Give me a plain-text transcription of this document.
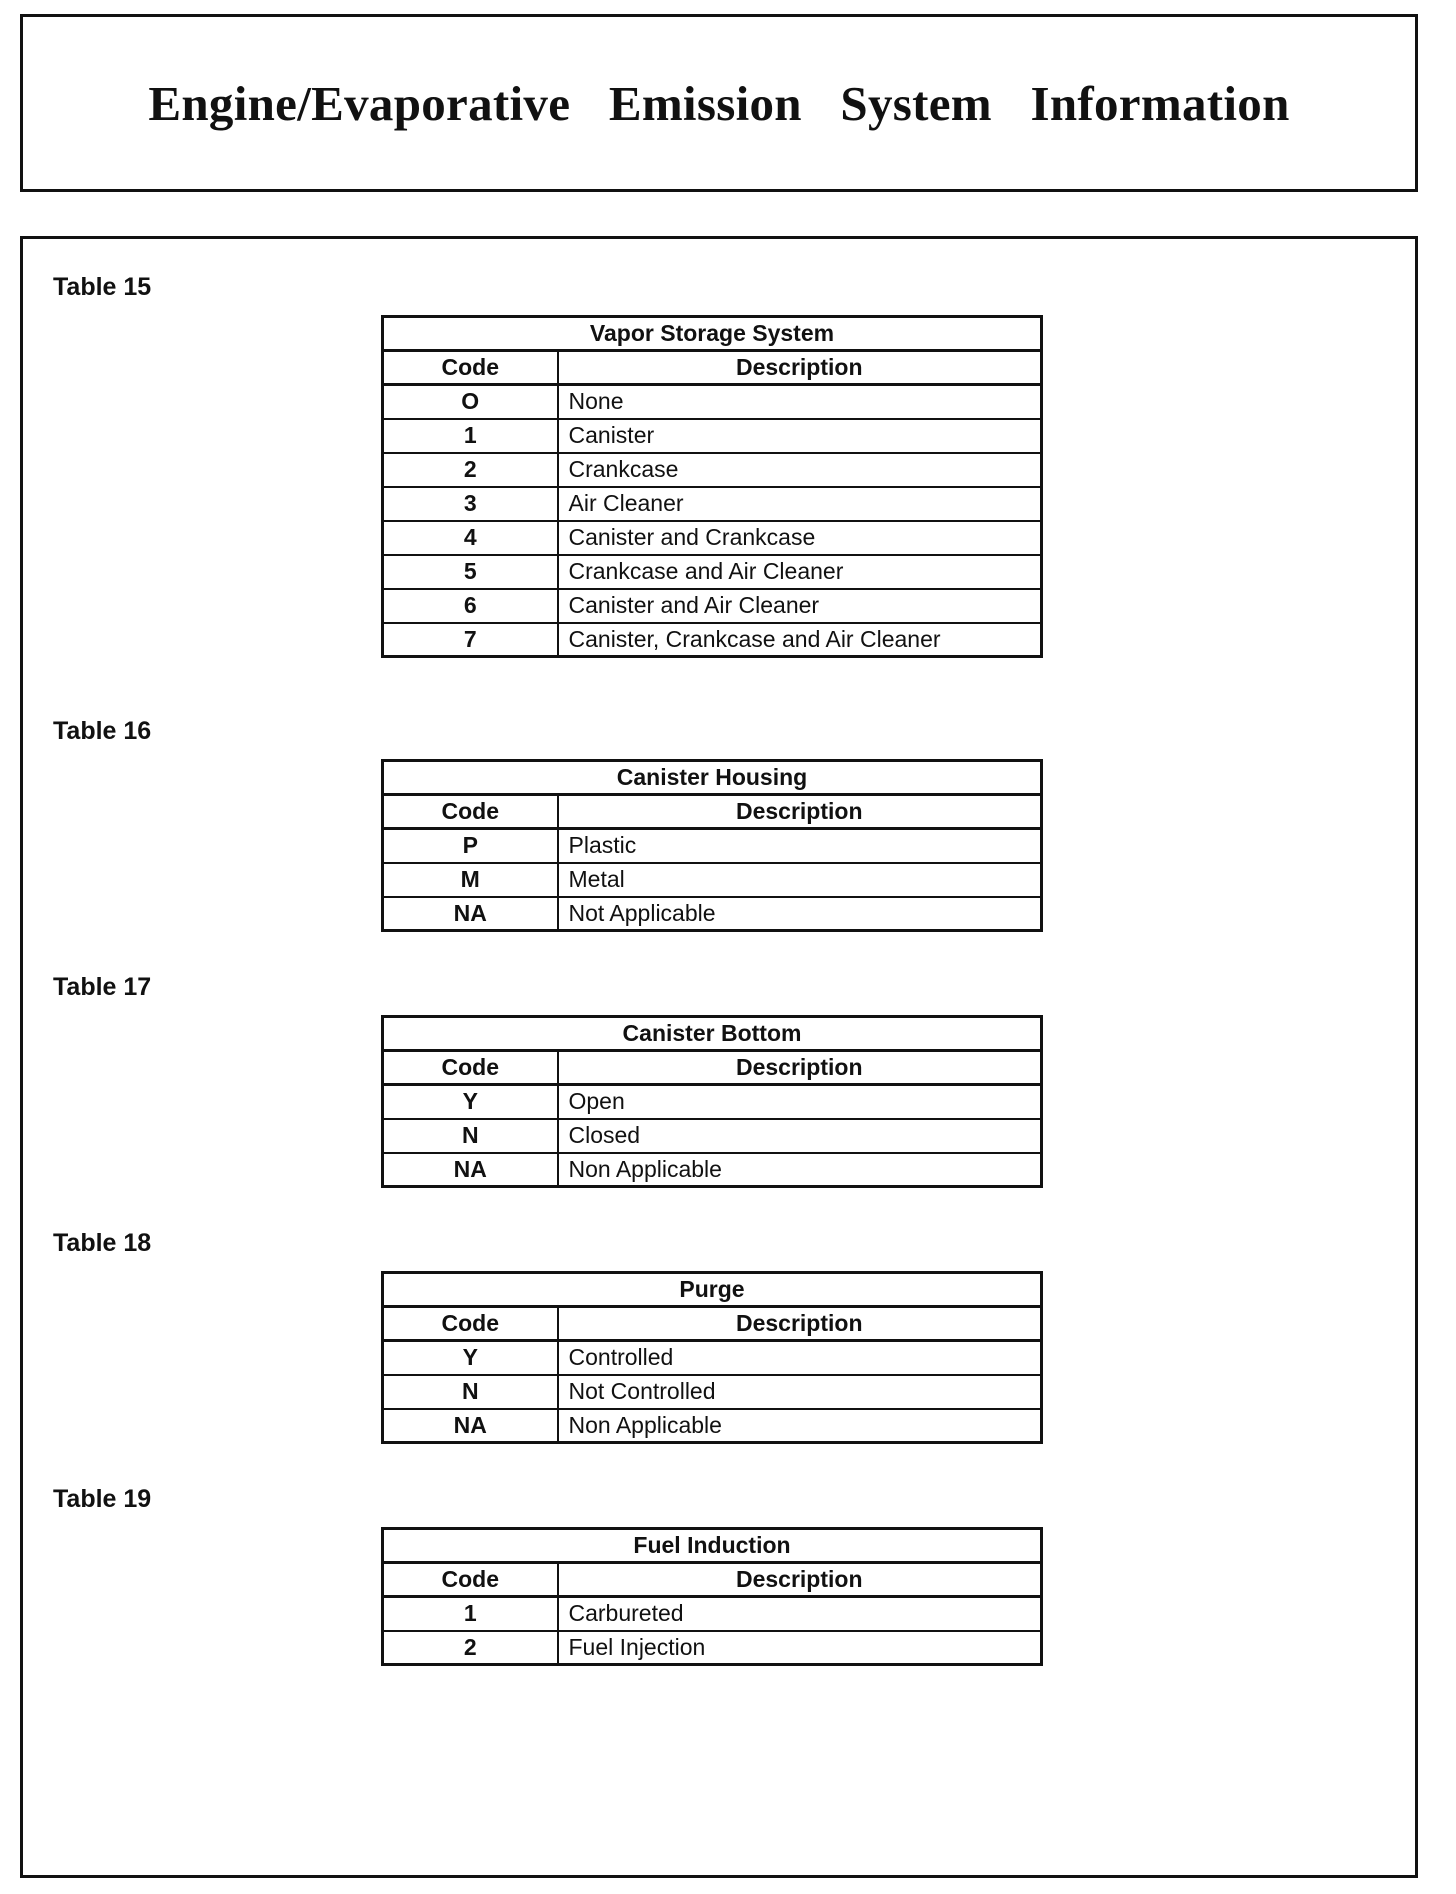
Engine/Evaporative Emission System Information

Table 15

Vapor Storage System	
Code	Description
O	None
1	Canister
2	Crankcase
3	Air Cleaner
4	Canister and Crankcase
5	Crankcase and Air Cleaner
6	Canister and Air Cleaner
7	Canister, Crankcase and Air Cleaner

Table 16

Canister Housing	
Code	Description
P	Plastic
M	Metal
NA	Not Applicable

Table 17

Canister Bottom	
Code	Description
Y	Open
N	Closed
NA	Non Applicable

Table 18

Purge	
Code	Description
Y	Controlled
N	Not Controlled
NA	Non Applicable

Table 19

Fuel Induction	
Code	Description
1	Carbureted
2	Fuel Injection
